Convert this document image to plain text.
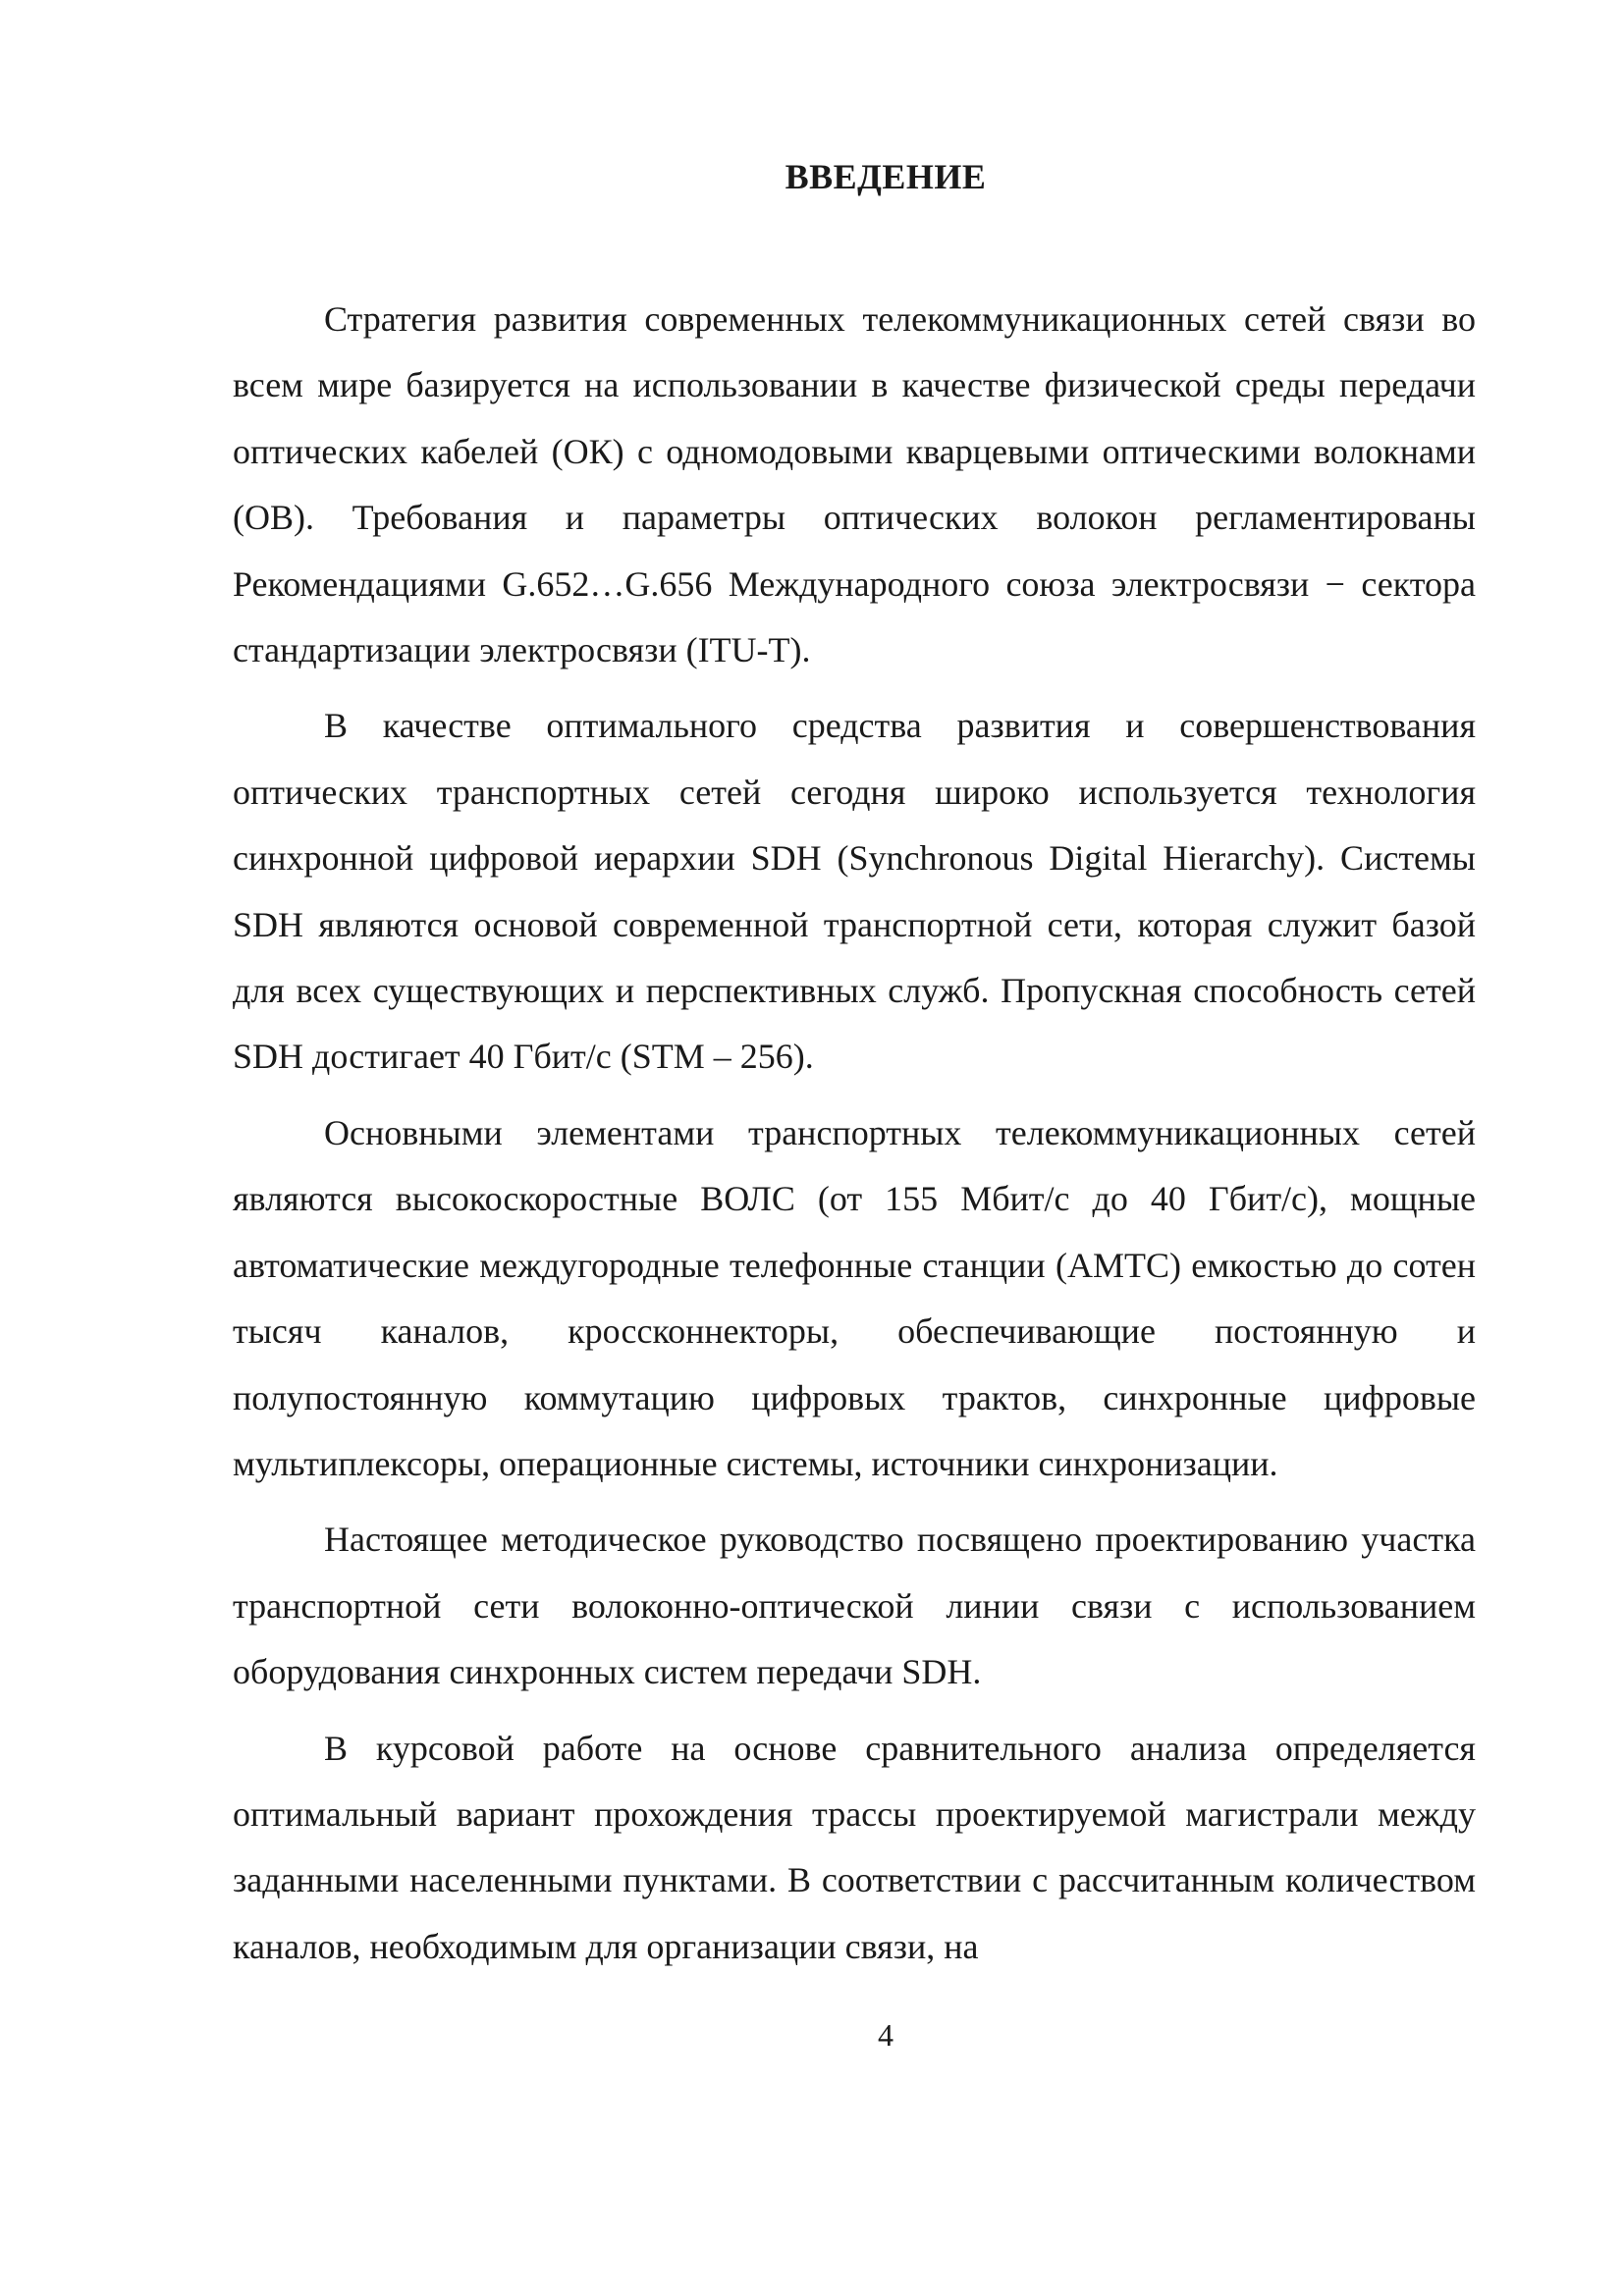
ВВЕДЕНИЕ

Стратегия развития современных телекоммуникационных сетей связи во всем мире базируется на использовании в качестве физической среды передачи оптических кабелей (ОК) с одномодовыми кварцевыми оптическими волокнами (ОВ). Требования и параметры оптических волокон регламентированы Рекомендациями G.652…G.656 Международного союза электросвязи − сектора стандартизации электросвязи (ITU-T).

В качестве оптимального средства развития и совершенствования оптических транспортных сетей сегодня широко используется технология синхронной цифровой иерархии SDH (Synchronous Digital Hierarchy). Системы SDH являются основой современной транспортной сети, которая служит базой для всех существующих и перспективных служб. Пропускная способность сетей SDH достигает 40 Гбит/с (STM – 256).

Основными элементами транспортных телекоммуникационных сетей являются высокоскоростные ВОЛС (от 155 Мбит/с до 40 Гбит/с), мощные автоматические междугородные телефонные станции (АМТС) емкостью до сотен тысяч каналов, кроссконнекторы, обеспечивающие постоянную и полупостоянную коммутацию цифровых трактов, синхронные цифровые мультиплексоры, операционные системы, источники синхронизации.

Настоящее методическое руководство посвящено проектированию участка транспортной сети волоконно-оптической линии связи с использованием оборудования синхронных систем передачи SDH.

В курсовой работе на основе сравнительного анализа определяется оптимальный вариант прохождения трассы проектируемой магистрали между заданными населенными пунктами. В соответствии с рассчитанным количеством каналов, необходимым для организации связи, на

4
